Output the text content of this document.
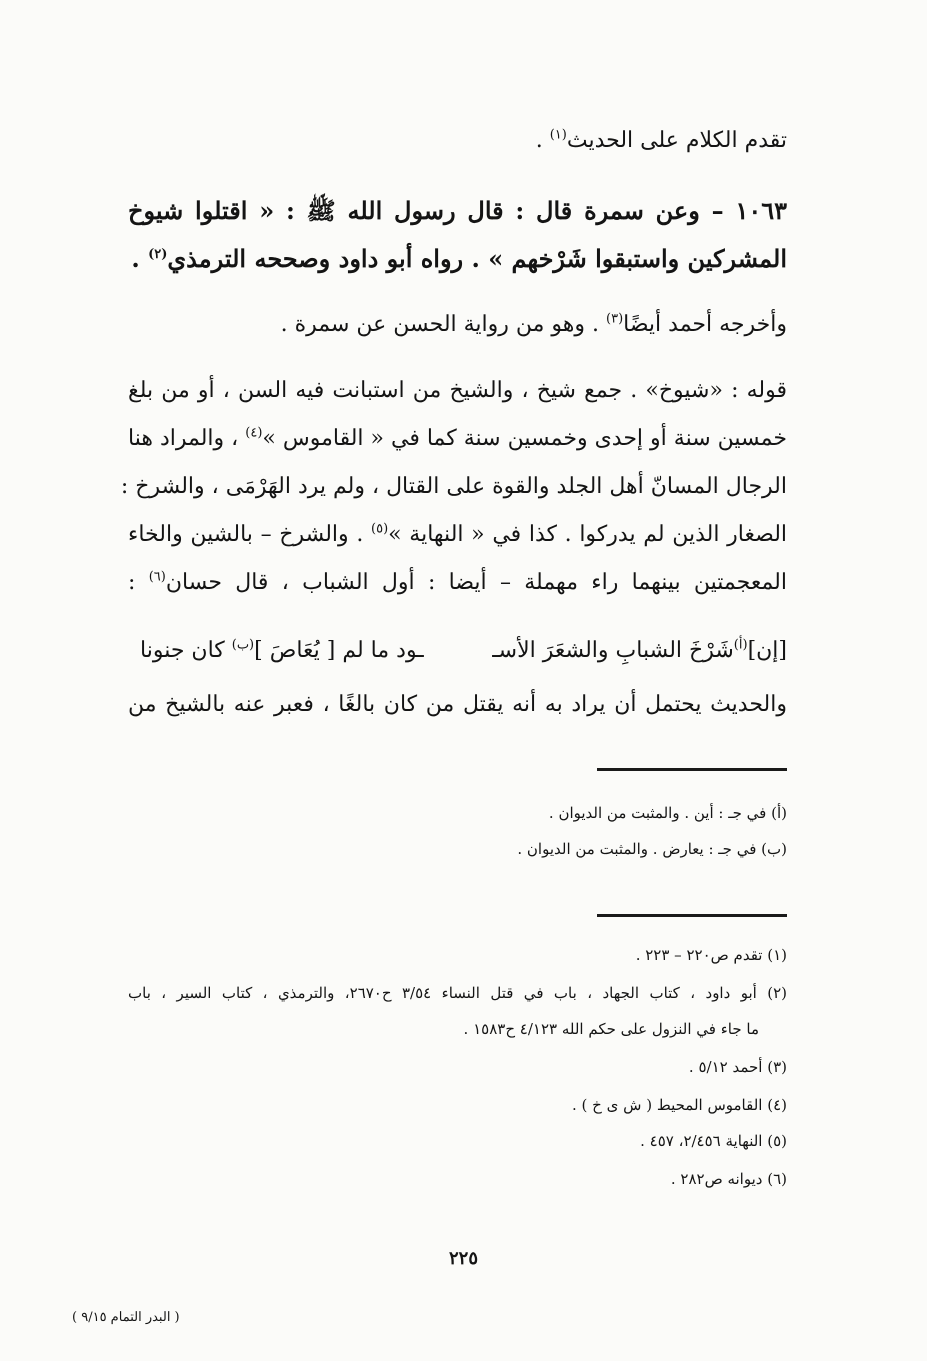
تقدم الكلام على الحديث$^{(١)}$ .
١٠٦٣ – وعن سمرة قال : قال رسول الله ﷺ : « اقتلوا شيوخ
المشركين واستبقوا شَرْخهم » . رواه أبو داود وصححه الترمذي$^{(٢)}$ .
وأخرجه أحمد أيضًا$^{(٣)}$ . وهو من رواية الحسن عن سمرة .
قوله : «شيوخ» . جمع شيخ ، والشيخ من استبانت فيه السن ، أو من بلغ
خمسين سنة أو إحدى وخمسين سنة كما في « القاموس »$^{(٤)}$ ، والمراد هنا
الرجال المسانّ أهل الجلد والقوة على القتال ، ولم يرد الهَرْمَى ، والشرخ :
الصغار الذين لم يدركوا . كذا في « النهاية »$^{(٥)}$ . والشرخ – بالشين والخاء
المعجمتين بينهما راء مهملة – أيضا : أول الشباب ، قال حسان$^{(٦)}$ :
[إن]$^{(أ)}$شَرْخَ الشبابِ والشعَرَ الأسـ
ـود ما لم [ يُعَاصَ ]$^{(ب)}$ كان جنونا
والحديث يحتمل أن يراد به أنه يقتل من كان بالغًا ، فعبر عنه بالشيخ من
(أ) في جـ : أين . والمثبت من الديوان .
(ب) في جـ : يعارض . والمثبت من الديوان .
(١) تقدم ص٢٢٠ – ٢٢٣ .
(٢) أبو داود ، كتاب الجهاد ، باب في قتل النساء ٣/٥٤ ح٢٦٧٠، والترمذي ، كتاب السير ، باب
ما جاء في النزول على حكم الله ٤/١٢٣ ح١٥٨٣ .
(٣) أحمد ٥/١٢ .
(٤) القاموس المحيط ( ش ى خ ) .
(٥) النهاية ٢/٤٥٦، ٤٥٧ .
(٦) ديوانه ص٢٨٢ .
٢٢٥
( البدر التمام ٩/١٥ )
